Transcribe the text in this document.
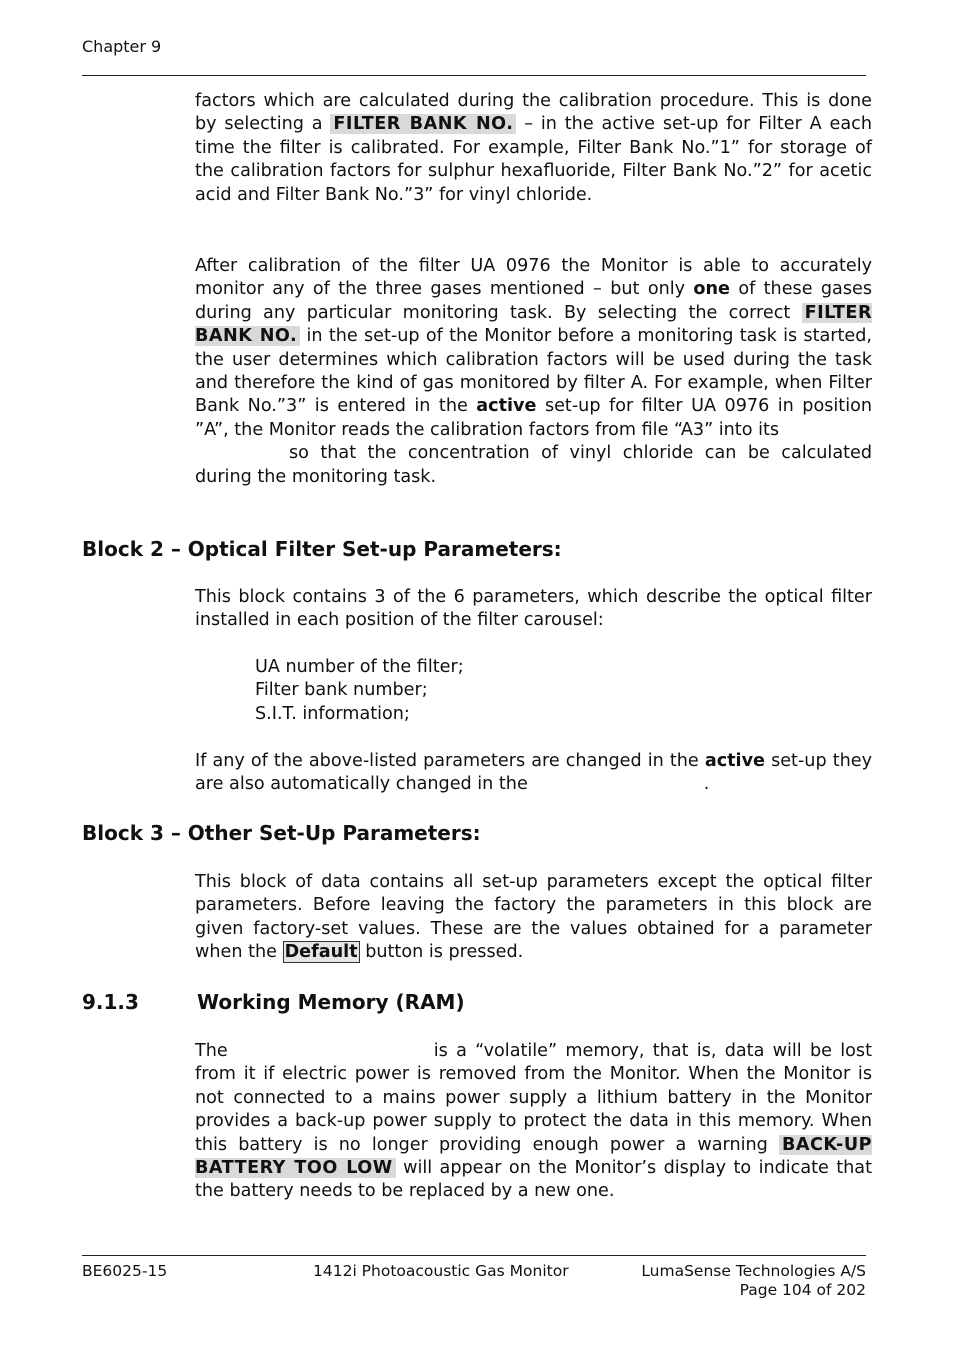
Chapter 9

factors which are calculated during the calibration procedure. This is done by selecting a FILTER BANK NO. – in the active set-up for Filter A each time the filter is calibrated. For example, Filter Bank No.”1” for storage of the calibration factors for sulphur hexafluoride, Filter Bank No.”2” for acetic acid and Filter Bank No.”3” for vinyl chloride.

After calibration of the filter UA 0976 the Monitor is able to accurately monitor any of the three gases mentioned – but only one of these gases during any particular monitoring task. By selecting the correct FILTER BANK NO. in the set-up of the Monitor before a monitoring task is started, the user determines which calibration factors will be used during the task and therefore the kind of gas monitored by filter A. For example, when Filter Bank No.”3” is entered in the active set-up for filter UA 0976 in position ”A”, the Monitor reads the calibration factors from file “A3” into its

so that the concentration of vinyl chloride can be calculated during the monitoring task.

Block 2 – Optical Filter Set-up Parameters:

This block contains 3 of the 6 parameters, which describe the optical filter installed in each position of the filter carousel:

UA number of the filter;
Filter bank number;
S.I.T. information;

If any of the above-listed parameters are changed in the active set-up they are also automatically changed in the	.

Block 3 – Other Set-Up Parameters:

This block of data contains all set-up parameters except the optical filter parameters. Before leaving the factory the parameters in this block are given factory-set values. These are the values obtained for a parameter when the Default button is pressed.

9.1.3	Working Memory (RAM)

The	is a “volatile” memory, that is, data will be lost from it if electric power is removed from the Monitor. When the Monitor is not connected to a mains power supply a lithium battery in the Monitor provides a back-up power supply to protect the data in this memory. When this battery is no longer providing enough power a warning BACK-UP BATTERY TOO LOW will appear on the Monitor’s display to indicate that the battery needs to be replaced by a new one.

BE6025-15	1412i Photoacoustic Gas Monitor	LumaSense Technologies A/S
Page 104 of 202
